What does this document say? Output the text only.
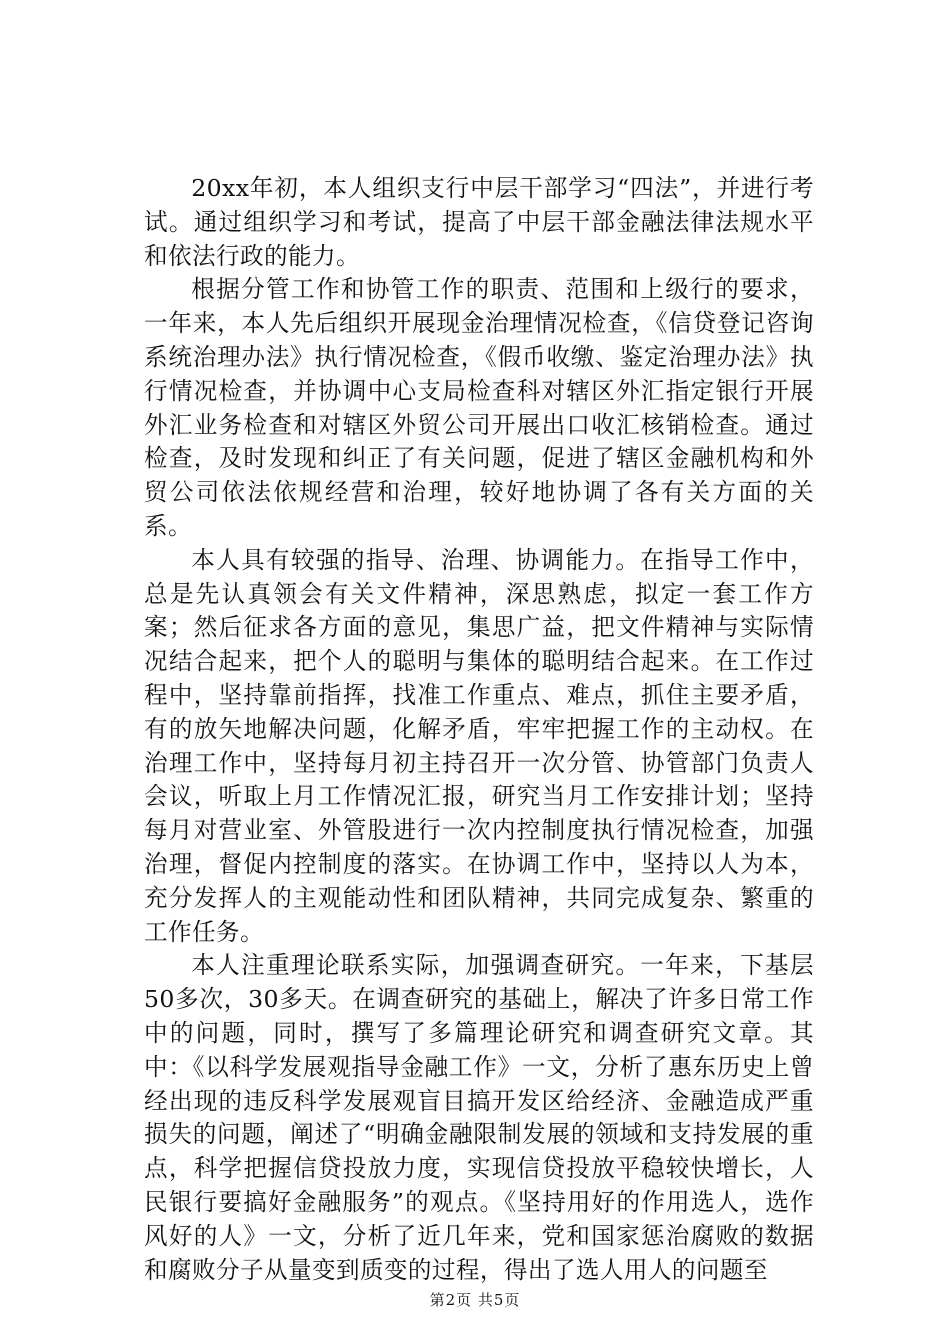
20xx年初，本人组织支行中层干部学习“四法”，并进行考试。通过组织学习和考试，提高了中层干部金融法律法规水平和依法行政的能力。

根据分管工作和协管工作的职责、范围和上级行的要求，一年来，本人先后组织开展现金治理情况检查，《信贷登记咨询系统治理办法》执行情况检查，《假币收缴、鉴定治理办法》执行情况检查，并协调中心支局检查科对辖区外汇指定银行开展外汇业务检查和对辖区外贸公司开展出口收汇核销检查。通过检查，及时发现和纠正了有关问题，促进了辖区金融机构和外贸公司依法依规经营和治理，较好地协调了各有关方面的关系。

本人具有较强的指导、治理、协调能力。在指导工作中，总是先认真领会有关文件精神，深思熟虑，拟定一套工作方案；然后征求各方面的意见，集思广益，把文件精神与实际情况结合起来，把个人的聪明与集体的聪明结合起来。在工作过程中，坚持靠前指挥，找准工作重点、难点，抓住主要矛盾，有的放矢地解决问题，化解矛盾，牢牢把握工作的主动权。在治理工作中，坚持每月初主持召开一次分管、协管部门负责人会议，听取上月工作情况汇报，研究当月工作安排计划；坚持每月对营业室、外管股进行一次内控制度执行情况检查，加强治理，督促内控制度的落实。在协调工作中，坚持以人为本，充分发挥人的主观能动性和团队精神，共同完成复杂、繁重的工作任务。

本人注重理论联系实际，加强调查研究。一年来，下基层50多次，30多天。在调查研究的基础上，解决了许多日常工作中的问题，同时，撰写了多篇理论研究和调查研究文章。其中：《以科学发展观指导金融工作》一文，分析了惠东历史上曾经出现的违反科学发展观盲目搞开发区给经济、金融造成严重损失的问题，阐述了“明确金融限制发展的领域和支持发展的重点，科学把握信贷投放力度，实现信贷投放平稳较快增长，人民银行要搞好金融服务”的观点。《坚持用好的作用选人，选作风好的人》一文，分析了近几年来，党和国家惩治腐败的数据和腐败分子从量变到质变的过程，得出了选人用人的问题至

第2页 共5页
